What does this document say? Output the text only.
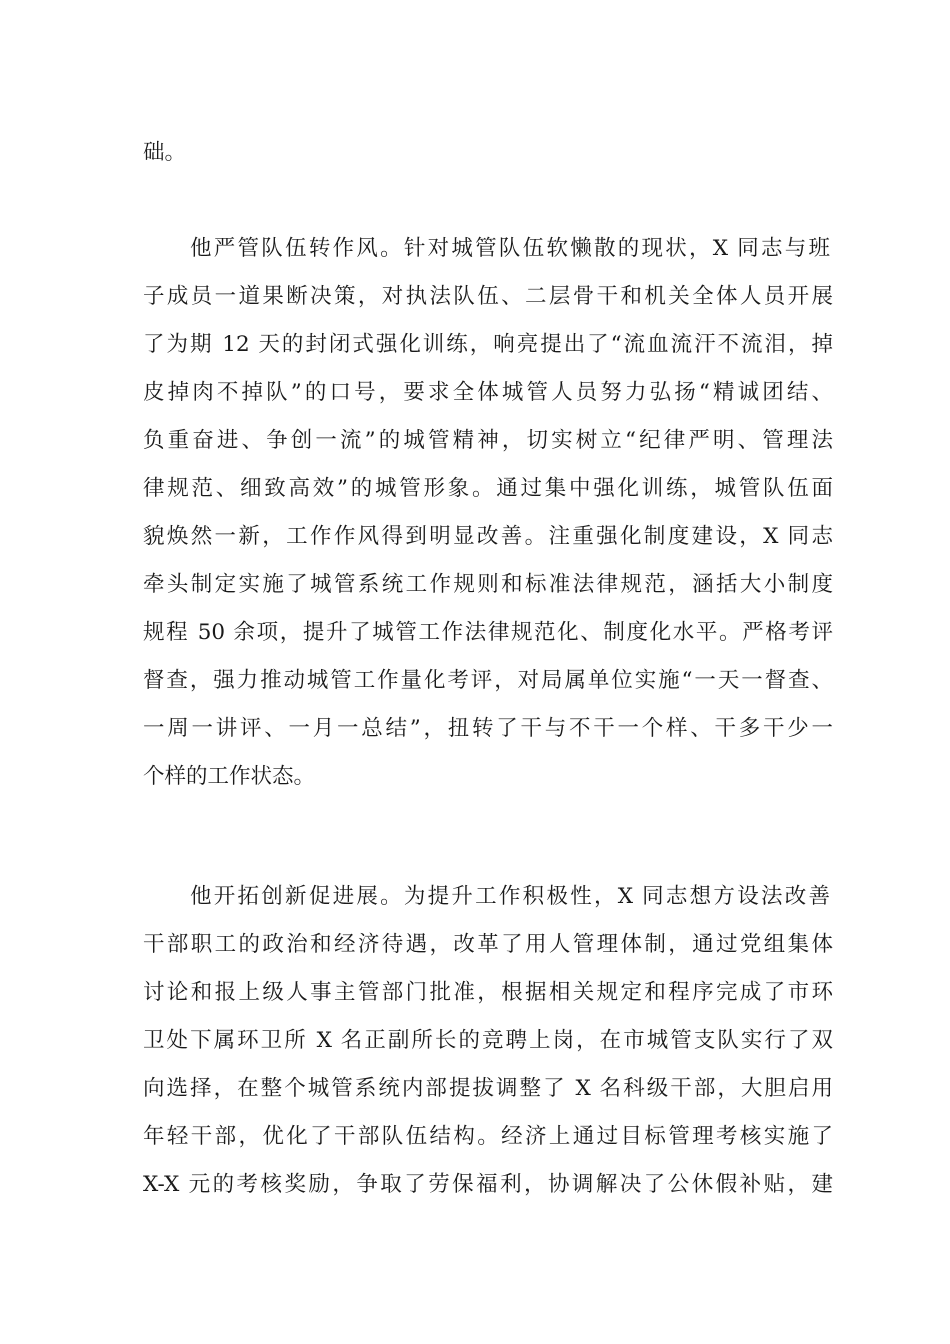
础。
他严管队伍转作风。针对城管队伍软懒散的现状，X 同志与班
子成员一道果断决策，对执法队伍、二层骨干和机关全体人员开展
了为期 12 天的封闭式强化训练，响亮提出了“流血流汗不流泪，掉
皮掉肉不掉队”的口号，要求全体城管人员努力弘扬“精诚团结、
负重奋进、争创一流”的城管精神，切实树立“纪律严明、管理法
律规范、细致高效”的城管形象。通过集中强化训练，城管队伍面
貌焕然一新，工作作风得到明显改善。注重强化制度建设，X 同志
牵头制定实施了城管系统工作规则和标准法律规范，涵括大小制度
规程 50 余项，提升了城管工作法律规范化、制度化水平。严格考评
督查，强力推动城管工作量化考评，对局属单位实施“一天一督查、
一周一讲评、一月一总结”，扭转了干与不干一个样、干多干少一
个样的工作状态。
他开拓创新促进展。为提升工作积极性，X 同志想方设法改善
干部职工的政治和经济待遇，改革了用人管理体制，通过党组集体
讨论和报上级人事主管部门批准，根据相关规定和程序完成了市环
卫处下属环卫所 X 名正副所长的竞聘上岗，在市城管支队实行了双
向选择，在整个城管系统内部提拔调整了 X 名科级干部，大胆启用
年轻干部，优化了干部队伍结构。经济上通过目标管理考核实施了
X-X 元的考核奖励，争取了劳保福利，协调解决了公休假补贴，建
